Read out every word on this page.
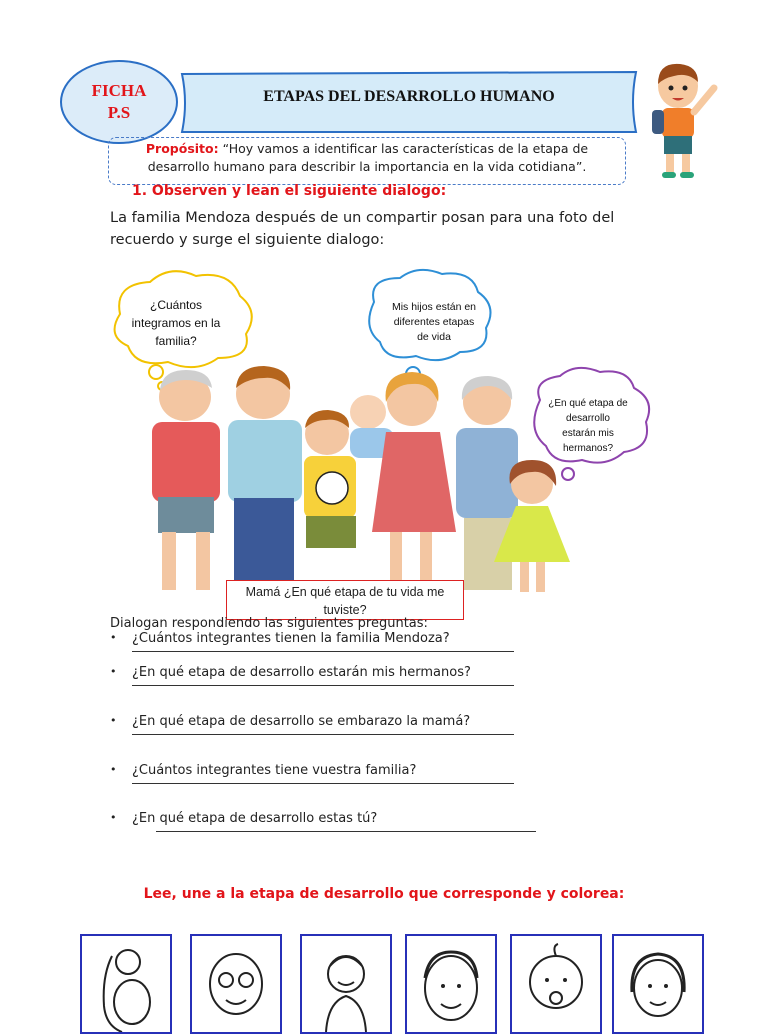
FICHA
P.S
ETAPAS DEL DESARROLLO HUMANO
Propósito: “Hoy vamos a identificar las características de la etapa de desarrollo humano para describir la importancia en la vida cotidiana”.
1. Observen y lean el siguiente dialogo:
La familia Mendoza después de un compartir posan para una foto del recuerdo y surge el siguiente dialogo:
¿Cuántos integramos en la familia?
Mis hijos están en diferentes etapas de vida
¿En qué etapa de desarrollo estarán mis hermanos?
Mamá ¿En qué etapa de tu vida me tuviste?
Dialogan respondiendo las siguientes preguntas:
• ¿Cuántos integrantes tienen la familia Mendoza?
• ¿En qué etapa de desarrollo estarán mis hermanos?
• ¿En qué etapa de desarrollo se embarazo la mamá?
• ¿Cuántos integrantes tiene vuestra familia?
• ¿En qué etapa de desarrollo estas tú?
Lee, une a la etapa de desarrollo que corresponde y colorea:
